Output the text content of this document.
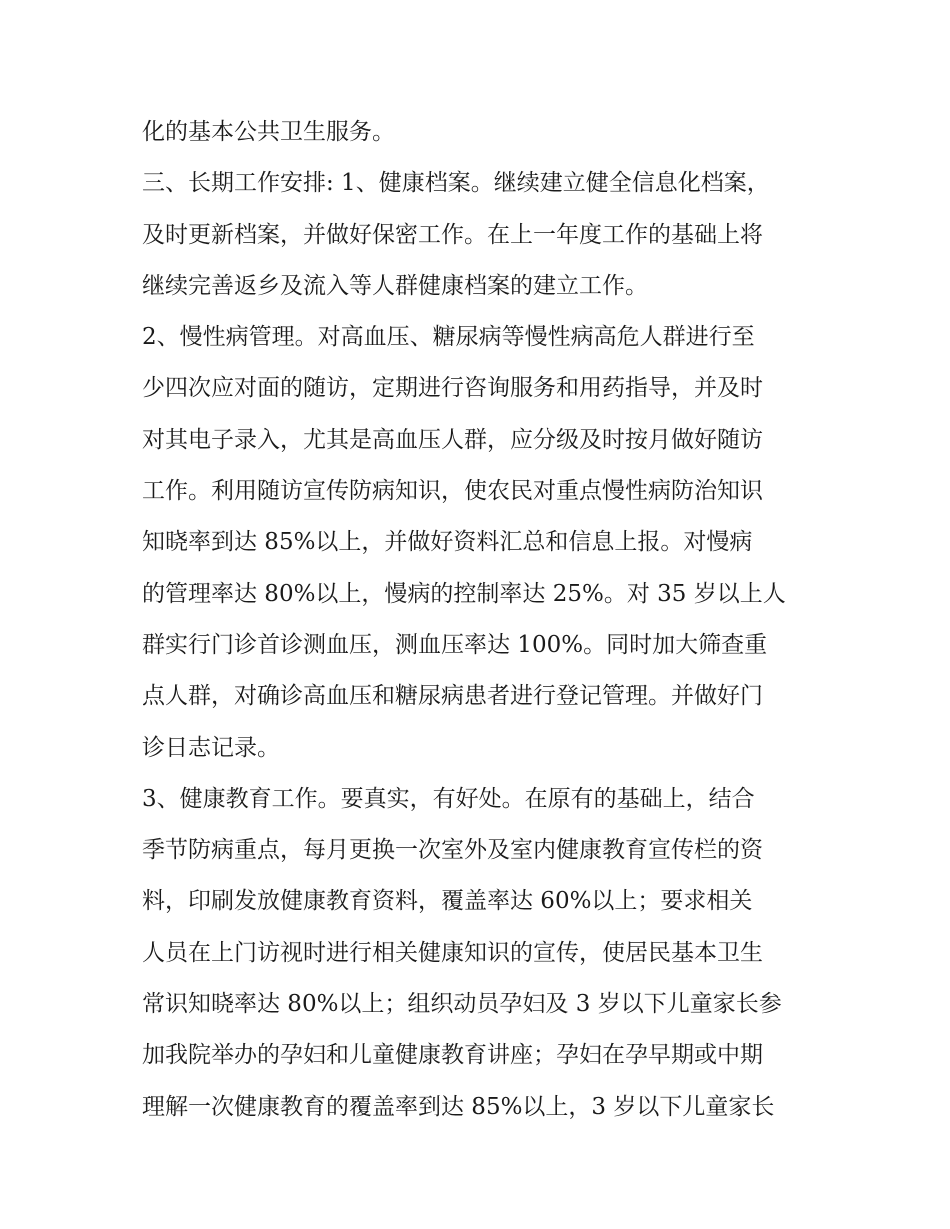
化的基本公共卫生服务。
三、长期工作安排: 1、健康档案。继续建立健全信息化档案，
及时更新档案，并做好保密工作。在上一年度工作的基础上将
继续完善返乡及流入等人群健康档案的建立工作。
2、慢性病管理。对高血压、糖尿病等慢性病高危人群进行至
少四次应对面的随访，定期进行咨询服务和用药指导，并及时
对其电子录入，尤其是高血压人群，应分级及时按月做好随访
工作。利用随访宣传防病知识，使农民对重点慢性病防治知识
知晓率到达 85%以上，并做好资料汇总和信息上报。对慢病
的管理率达 80%以上，慢病的控制率达 25%。对 35 岁以上人
群实行门诊首诊测血压，测血压率达 100%。同时加大筛查重
点人群，对确诊高血压和糖尿病患者进行登记管理。并做好门
诊日志记录。
3、健康教育工作。要真实，有好处。在原有的基础上，结合
季节防病重点，每月更换一次室外及室内健康教育宣传栏的资
料，印刷发放健康教育资料，覆盖率达 60%以上；要求相关
人员在上门访视时进行相关健康知识的宣传，使居民基本卫生
常识知晓率达 80%以上；组织动员孕妇及 3 岁以下儿童家长参
加我院举办的孕妇和儿童健康教育讲座；孕妇在孕早期或中期
理解一次健康教育的覆盖率到达 85%以上，3 岁以下儿童家长
